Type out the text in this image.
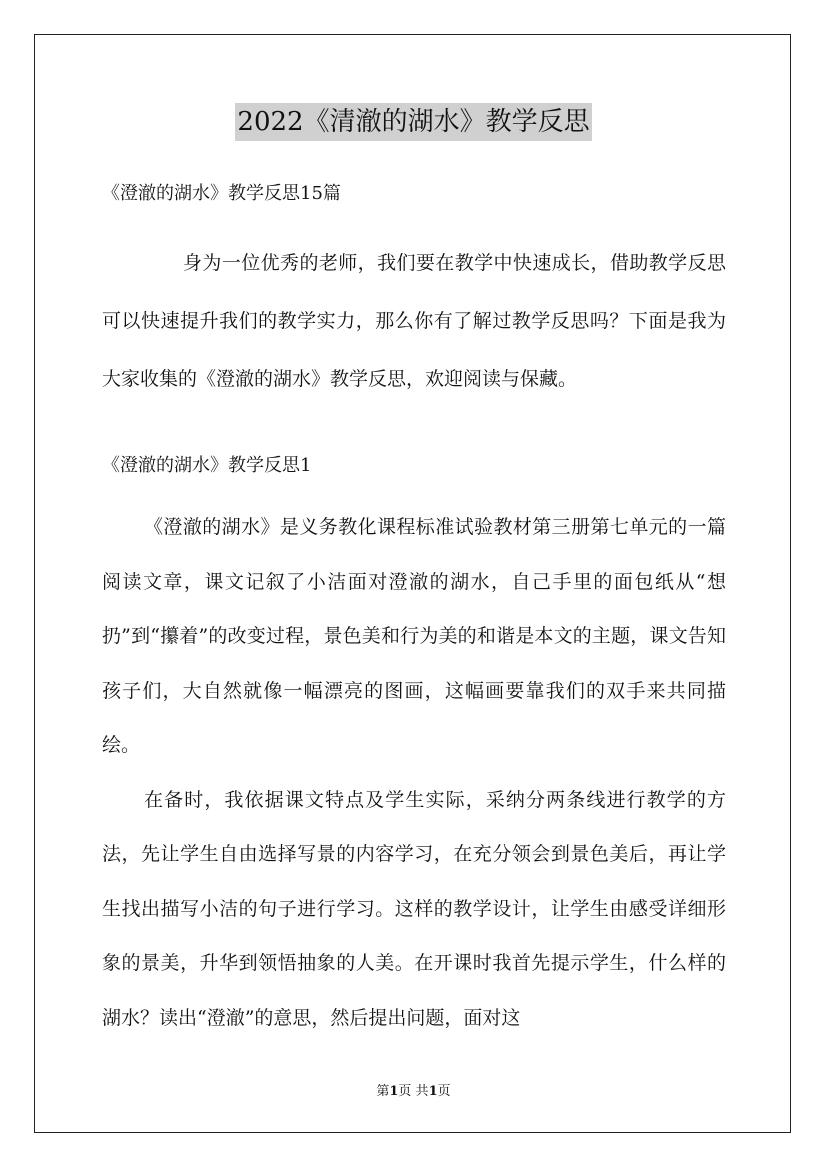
2022《清澈的湖水》教学反思
《澄澈的湖水》教学反思15篇
身为一位优秀的老师，我们要在教学中快速成长，借助教学反思可以快速提升我们的教学实力，那么你有了解过教学反思吗？下面是我为大家收集的《澄澈的湖水》教学反思，欢迎阅读与保藏。
《澄澈的湖水》教学反思1

《澄澈的湖水》是义务教化课程标准试验教材第三册第七单元的一篇阅读文章，课文记叙了小洁面对澄澈的湖水，自己手里的面包纸从“想扔”到“攥着”的改变过程，景色美和行为美的和谐是本文的主题，课文告知孩子们，大自然就像一幅漂亮的图画，这幅画要靠我们的双手来共同描绘。

在备时，我依据课文特点及学生实际，采纳分两条线进行教学的方法，先让学生自由选择写景的内容学习，在充分领会到景色美后，再让学生找出描写小洁的句子进行学习。这样的教学设计，让学生由感受详细形象的景美，升华到领悟抽象的人美。在开课时我首先提示学生，什么样的湖水？读出“澄澈”的意思，然后提出问题，面对这

第1页 共1页
